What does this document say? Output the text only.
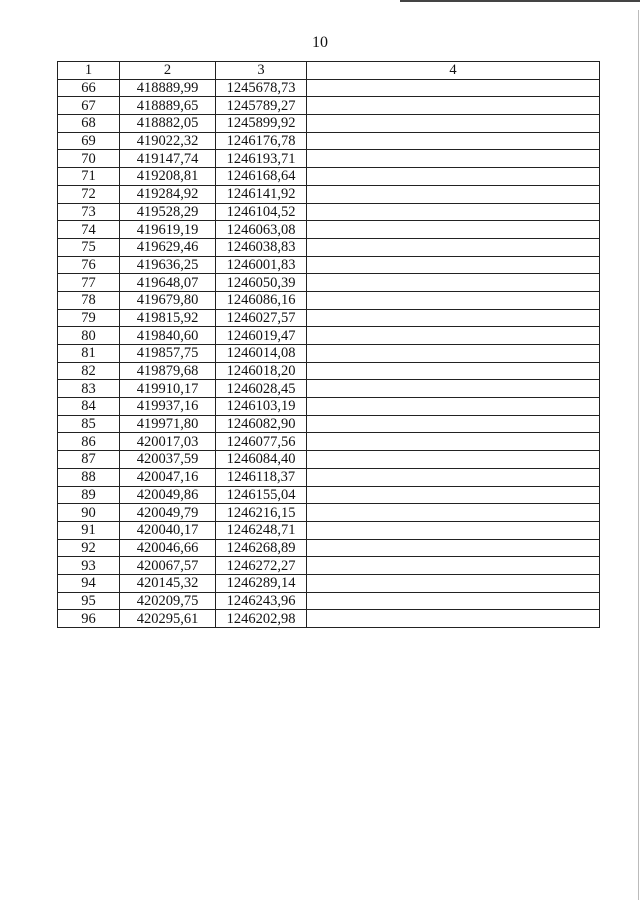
10
1	2	3	4
66	418889,99	1245678,73	
67	418889,65	1245789,27	
68	418882,05	1245899,92	
69	419022,32	1246176,78	
70	419147,74	1246193,71	
71	419208,81	1246168,64	
72	419284,92	1246141,92	
73	419528,29	1246104,52	
74	419619,19	1246063,08	
75	419629,46	1246038,83	
76	419636,25	1246001,83	
77	419648,07	1246050,39	
78	419679,80	1246086,16	
79	419815,92	1246027,57	
80	419840,60	1246019,47	
81	419857,75	1246014,08	
82	419879,68	1246018,20	
83	419910,17	1246028,45	
84	419937,16	1246103,19	
85	419971,80	1246082,90	
86	420017,03	1246077,56	
87	420037,59	1246084,40	
88	420047,16	1246118,37	
89	420049,86	1246155,04	
90	420049,79	1246216,15	
91	420040,17	1246248,71	
92	420046,66	1246268,89	
93	420067,57	1246272,27	
94	420145,32	1246289,14	
95	420209,75	1246243,96	
96	420295,61	1246202,98	
